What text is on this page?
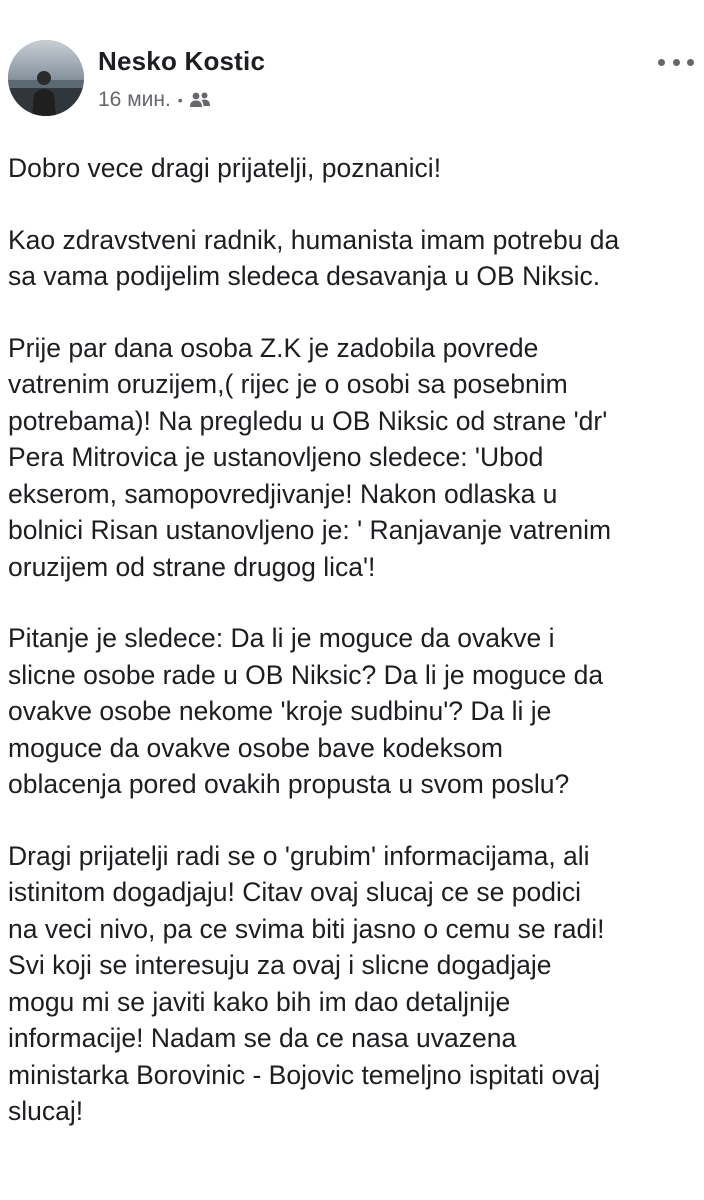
Nesko Kostic
16 мин. •

Dobro vece dragi prijatelji, poznanici!

Kao zdravstveni radnik, humanista imam potrebu da
sa vama podijelim sledeca desavanja u OB Niksic.

Prije par dana osoba Z.K je zadobila povrede
vatrenim oruzijem,( rijec je o osobi sa posebnim
potrebama)! Na pregledu u OB Niksic od strane 'dr'
Pera Mitrovica je ustanovljeno sledece: 'Ubod
ekserom, samopovredjivanje! Nakon odlaska u
bolnici Risan ustanovljeno je: ' Ranjavanje vatrenim
oruzijem od strane drugog lica'!

Pitanje je sledece: Da li je moguce da ovakve i
slicne osobe rade u OB Niksic? Da li je moguce da
ovakve osobe nekome 'kroje sudbinu'? Da li je
moguce da ovakve osobe bave kodeksom
oblacenja pored ovakih propusta u svom poslu?

Dragi prijatelji radi se o 'grubim' informacijama, ali
istinitom dogadjaju! Citav ovaj slucaj ce se podici
na veci nivo, pa ce svima biti jasno o cemu se radi!
Svi koji se interesuju za ovaj i slicne dogadjaje
mogu mi se javiti kako bih im dao detaljnije
informacije! Nadam se da ce nasa uvazena
ministarka Borovinic - Bojovic temeljno ispitati ovaj
slucaj!
